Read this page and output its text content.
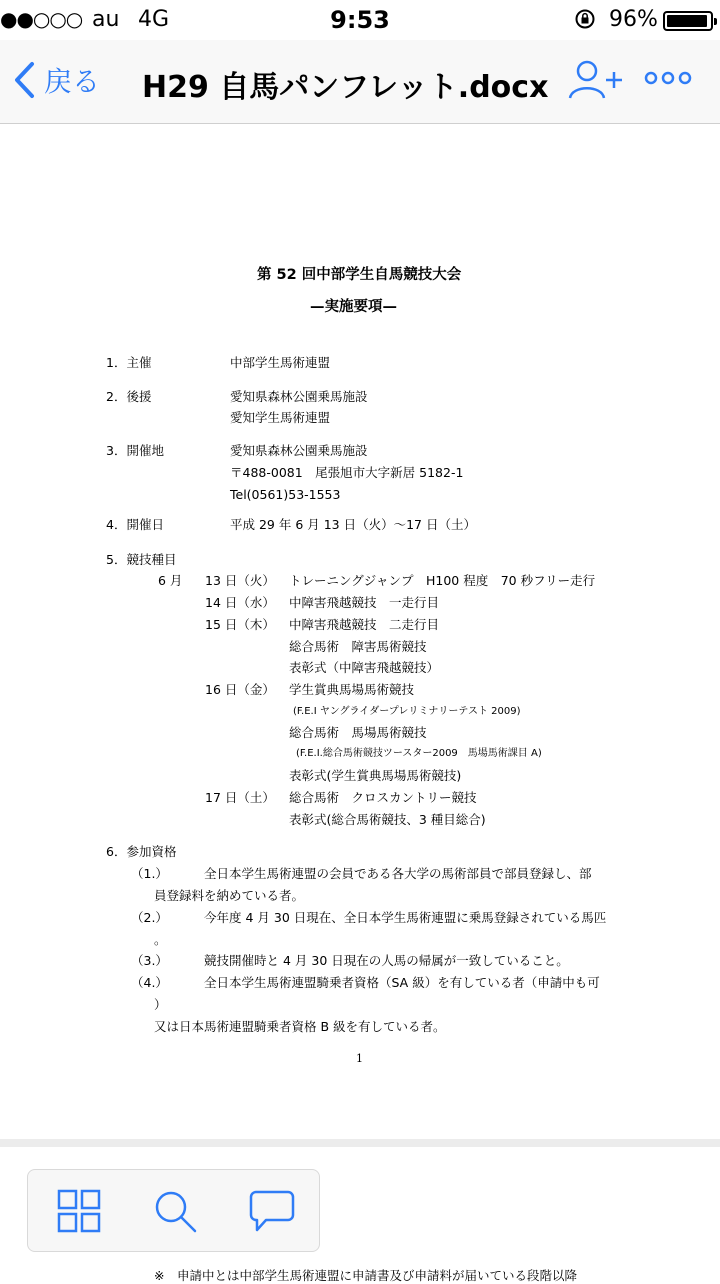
●●○○○ au 4G	9:53	96%
戻る H29 自馬パンフレット.docx
第 52 回中部学生自馬競技大会
—実施要項—
1．主催	中部学生馬術連盟
2．後援	愛知県森林公園乗馬施設
愛知学生馬術連盟
3．開催地	愛知県森林公園乗馬施設
〒488-0081　尾張旭市大字新居 5182-1
Tel(0561)53-1553
4．開催日	平成 29 年 6 月 13 日（火）～17 日（土）
5．競技種目
6 月 13 日（火） トレーニングジャンプ　H100 程度　70 秒フリー走行
14 日（水） 中障害飛越競技　一走行目
15 日（木） 中障害飛越競技　二走行目
総合馬術　障害馬術競技
表彰式（中障害飛越競技）
16 日（金） 学生賞典馬場馬術競技
(F.E.I ヤングライダープレリミナリーテスト 2009)
総合馬術　馬場馬術競技
(F.E.I.総合馬術競技ツースター2009　馬場馬術課目 A)
表彰式(学生賞典馬場馬術競技)
17 日（土） 総合馬術　クロスカントリー競技
表彰式(総合馬術競技、3 種目総合)
6．参加資格
（1.）	全日本学生馬術連盟の会員である各大学の馬術部員で部員登録し、部
員登録料を納めている者。
（2.）	今年度 4 月 30 日現在、全日本学生馬術連盟に乗馬登録されている馬匹
。
（3.）	競技開催時と 4 月 30 日現在の人馬の帰属が一致していること。
（4.）	全日本学生馬術連盟騎乗者資格（SA 級）を有している者（申請中も可
）
又は日本馬術連盟騎乗者資格 B 級を有している者。
1
※　申請中とは中部学生馬術連盟に申請書及び申請料が届いている段階以降
